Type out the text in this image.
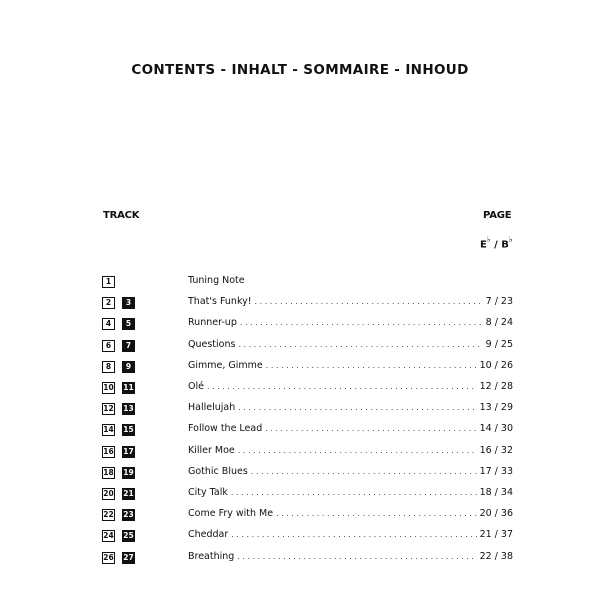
CONTENTS - INHALT - SOMMAIRE - INHOUD
TRACK	PAGE
E♭ / B♭
1	Tuning Note
2	3	That's Funky! . . .	7 / 23
4	5	Runner-up . . .	8 / 24
6	7	Questions . . .	9 / 25
8	9	Gimme, Gimme . . .	10 / 26
10 11	Olé . . .	12 / 28
12 13	Hallelujah . . .	13 / 29
14 15	Follow the Lead . . .	14 / 30
16 17	Killer Moe . . .	16 / 32
18 19	Gothic Blues . . .	17 / 33
20 21	City Talk . . .	18 / 34
22 23	Come Fry with Me . . .	20 / 36
24 25	Cheddar . . .	21 / 37
26 27	Breathing . . .	22 / 38
